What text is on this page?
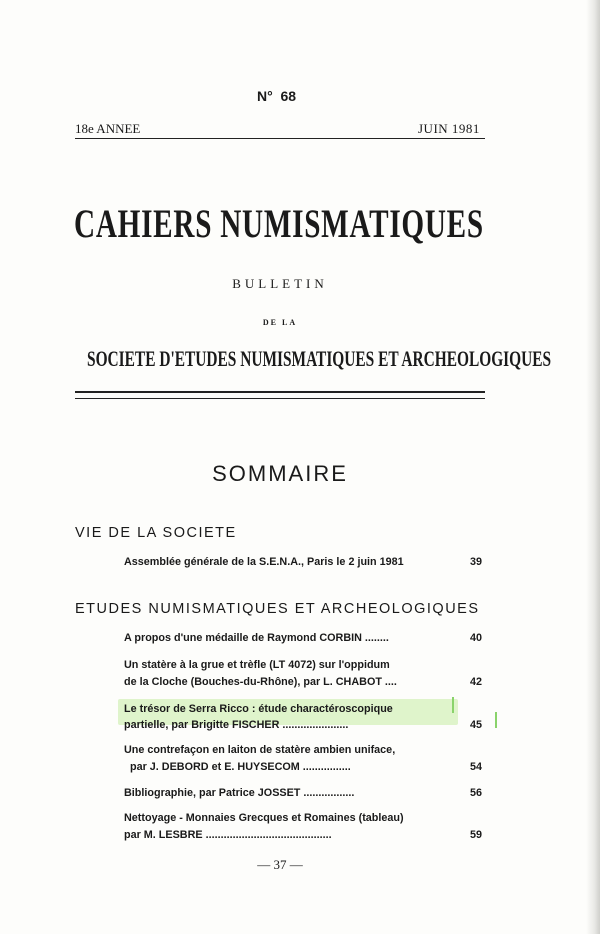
N° 68
18e ANNEE	JUIN 1981
CAHIERS NUMISMATIQUES
BULLETIN
DE LA
SOCIETE D'ETUDES NUMISMATIQUES ET ARCHEOLOGIQUES
SOMMAIRE
VIE DE LA SOCIETE
Assemblée générale de la S.E.N.A., Paris le 2 juin 1981	39
ETUDES NUMISMATIQUES ET ARCHEOLOGIQUES
A propos d'une médaille de Raymond CORBIN ........	40
Un statère à la grue et trèfle (LT 4072) sur l'oppidum
de la Cloche (Bouches-du-Rhône), par L. CHABOT ....	42
Le trésor de Serra Ricco : étude charactéroscopique
partielle, par Brigitte FISCHER ......................	45
Une contrefaçon en laiton de statère ambien uniface,
par J. DEBORD et E. HUYSECOM ................	54
Bibliographie, par Patrice JOSSET .................	56
Nettoyage - Monnaies Grecques et Romaines (tableau)
par M. LESBRE ..........................................	59
— 37 —
